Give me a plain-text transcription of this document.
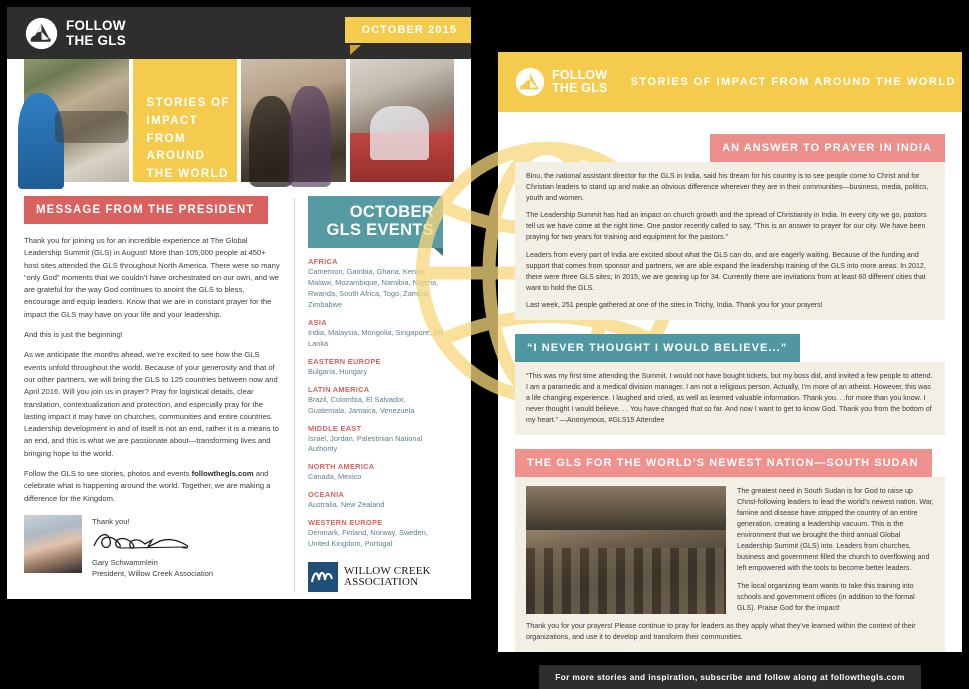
FOLLOW
THE GLS
OCTOBER 2015
STORIES OF IMPACT FROM AROUND THE WORLD
MESSAGE FROM THE PRESIDENT

Thank you for joining us for an incredible experience at The Global Leadership Summit (GLS) in August! More than 105,000 people at 450+ host sites attended the GLS throughout North America. There were so many “only God” moments that we couldn’t have orchestrated on our own, and we are grateful for the way God continues to anoint the GLS to bless, encourage and equip leaders. Know that we are in constant prayer for the impact the GLS may have on your life and your leadership.

And this is just the beginning!

As we anticipate the months ahead, we’re excited to see how the GLS events unfold throughout the world. Because of your generosity and that of our other partners, we will bring the GLS to 125 countries between now and April 2016. Will you join us in prayer? Pray for logistical details, clear translation, contextualization and protection, and especially pray for the lasting impact it may have on churches, communities and entire countries. Leadership development in and of itself is not an end, rather it is a means to an end, and this is what we are passionate about—transforming lives and bringing hope to the world.

Follow the GLS to see stories, photos and events followthegls.com and celebrate what is happening around the world. Together, we are making a difference for the Kingdom.

Thank you!
Gary Schwammlein
President, Willow Creek Association
OCTOBER
GLS EVENTS
AFRICA
Cameroon, Gambia, Ghana, Kenya, Malawi, Mozambique, Namibia, Nigeria, Rwanda, South Africa, Togo, Zambia, Zimbabwe
ASIA
India, Malaysia, Mongolia, Singapore, Sri Lanka
EASTERN EUROPE
Bulgaria, Hungary
LATIN AMERICA
Brazil, Colombia, El Salvador, Guatemala, Jamaica, Venezuela
MIDDLE EAST
Israel, Jordan, Palestinian National Authority
NORTH AMERICA
Canada, Mexico
OCEANIA
Australia, New Zealand
WESTERN EUROPE
Denmark, Finland, Norway, Sweden, United Kingdom, Portugal
WILLOW CREEK
ASSOCIATION
FOLLOW
THE GLS STORIES OF IMPACT FROM AROUND THE WORLD
AN ANSWER TO PRAYER IN INDIA

Binu, the national assistant director for the GLS in India, said his dream for his country is to see people come to Christ and for Christian leaders to stand up and make an obvious difference wherever they are in their communities—business, media, politics, youth and women.

The Leadership Summit has had an impact on church growth and the spread of Christianity in India. In every city we go, pastors tell us we have come at the right time. One pastor recently called to say, “This is an answer to prayer for our city. We have been praying for two years for training and equipment for the pastors.”

Leaders from every part of India are excited about what the GLS can do, and are eagerly waiting. Because of the funding and support that comes from sponsor and partners, we are able expand the leadership training of the GLS into more areas. In 2012, there were three GLS sites; In 2015, we are gearing up for 34. Currently there are invitations from at least 60 different cities that want to hold the GLS.

Last week, 251 people gathered at one of the sites in Trichy, India. Thank you for your prayers!

“I NEVER THOUGHT I WOULD BELIEVE...”

“This was my first time attending the Summit. I would not have bought tickets, but my boss did, and invited a few people to attend. I am a paramedic and a medical division manager. I am not a religious person. Actually, I’m more of an atheist. However, this was a life changing experience. I laughed and cried, as well as learned valuable information. Thank you. . .for more than you know. I never thought I would believe. . . You have changed that so far. And now I want to get to know God. Thank you from the bottom of my heart.” —Anonymous, #GLS15 Attendee

THE GLS FOR THE WORLD’S NEWEST NATION—SOUTH SUDAN

The greatest need in South Sudan is for God to raise up Christ-following leaders to lead the world’s newest nation. War, famine and disease have stripped the country of an entire generation, creating a leadership vacuum. This is the environment that we brought the third annual Global Leadership Summit (GLS) into. Leaders from churches, business and government filled the church to overflowing and left empowered with the tools to become better leaders.

The local organizing team wants to take this training into schools and government offices (in addition to the formal GLS). Praise God for the impact!

Thank you for your prayers! Please continue to pray for leaders as they apply what they’ve learned within the context of their organizations, and use it to develop and transform their communities.

For more stories and inspiration, subscribe and follow along at followthegls.com
